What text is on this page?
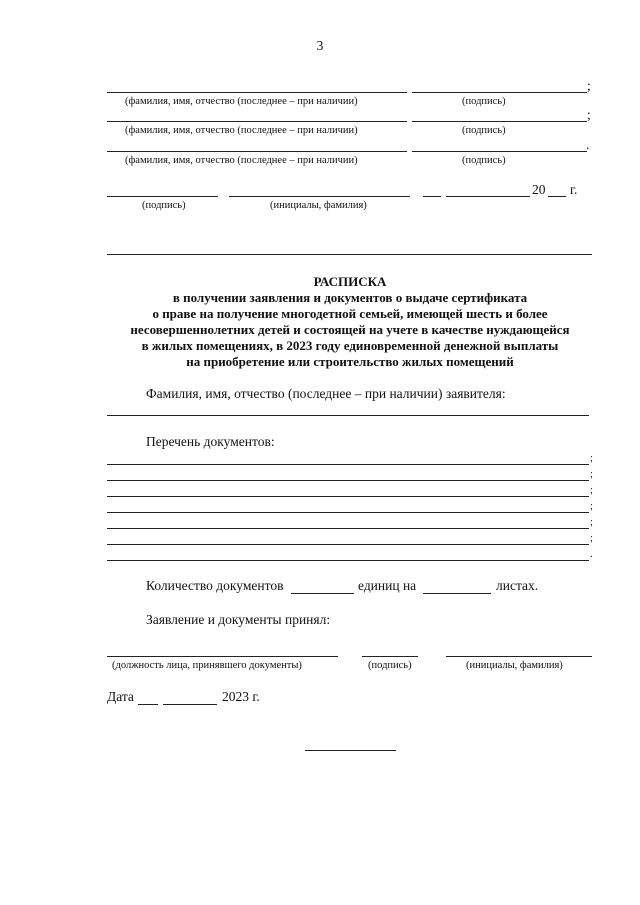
3
;
(фамилия, имя, отчество (последнее – при наличии)	(подпись)
;
(фамилия, имя, отчество (последнее – при наличии)	(подпись)
.
(фамилия, имя, отчество (последнее – при наличии)	(подпись)
20 г.
(подпись)	(инициалы, фамилия)
РАСПИСКА
в получении заявления и документов о выдаче сертификата
о праве на получение многодетной семьей, имеющей шесть и более
несовершеннолетних детей и состоящей на учете в качестве нуждающейся
в жилых помещениях, в 2023 году единовременной денежной выплаты
на приобретение или строительство жилых помещений
Фамилия, имя, отчество (последнее – при наличии) заявителя:
Перечень документов:
;
;
;
;
;
;
.
Количество документов	единиц на	листах.
Заявление и документы принял:
(должность лица, принявшего документы)	(подпись)	(инициалы, фамилия)
Дата	2023 г.
